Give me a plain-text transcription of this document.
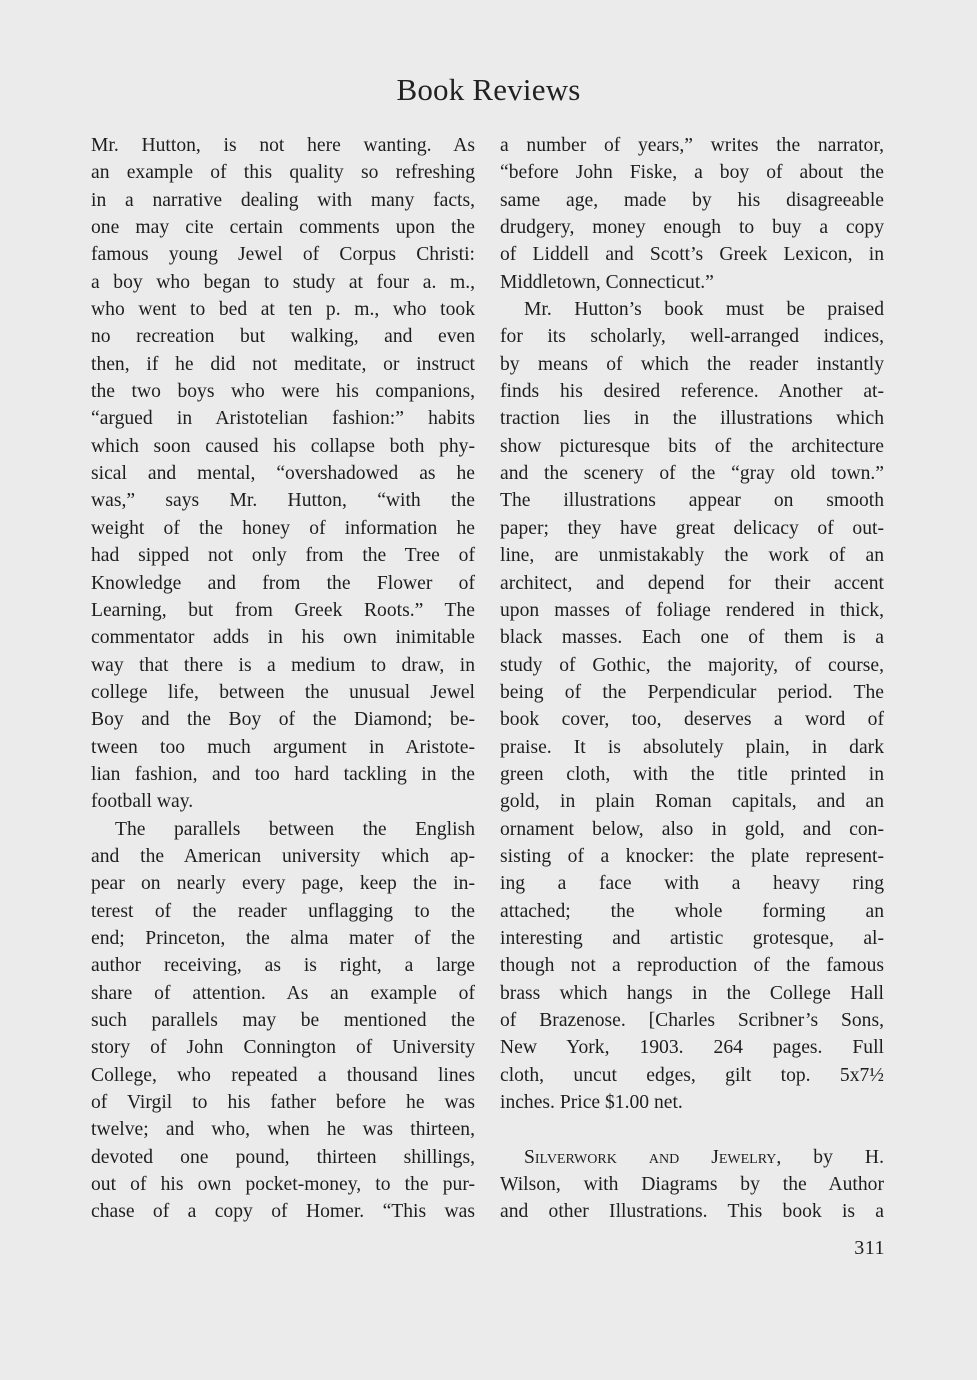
Book Reviews
Mr. Hutton, is not here wanting. As
an example of this quality so refreshing
in a narrative dealing with many facts,
one may cite certain comments upon the
famous young Jewel of Corpus Christi:
a boy who began to study at four a. m.,
who went to bed at ten p. m., who took
no recreation but walking, and even
then, if he did not meditate, or instruct
the two boys who were his companions,
“argued in Aristotelian fashion:” habits
which soon caused his collapse both phy-
sical and mental, “overshadowed as he
was,” says Mr. Hutton, “with the
weight of the honey of information he
had sipped not only from the Tree of
Knowledge and from the Flower of
Learning, but from Greek Roots.” The
commentator adds in his own inimitable
way that there is a medium to draw, in
college life, between the unusual Jewel
Boy and the Boy of the Diamond; be-
tween too much argument in Aristote-
lian fashion, and too hard tackling in the
football way.
The parallels between the English
and the American university which ap-
pear on nearly every page, keep the in-
terest of the reader unflagging to the
end; Princeton, the alma mater of the
author receiving, as is right, a large
share of attention. As an example of
such parallels may be mentioned the
story of John Connington of University
College, who repeated a thousand lines
of Virgil to his father before he was
twelve; and who, when he was thirteen,
devoted one pound, thirteen shillings,
out of his own pocket-money, to the pur-
chase of a copy of Homer. “This was
a number of years,” writes the narrator,
“before John Fiske, a boy of about the
same age, made by his disagreeable
drudgery, money enough to buy a copy
of Liddell and Scott’s Greek Lexicon, in
Middletown, Connecticut.”
Mr. Hutton’s book must be praised
for its scholarly, well-arranged indices,
by means of which the reader instantly
finds his desired reference. Another at-
traction lies in the illustrations which
show picturesque bits of the architecture
and the scenery of the “gray old town.”
The illustrations appear on smooth
paper; they have great delicacy of out-
line, are unmistakably the work of an
architect, and depend for their accent
upon masses of foliage rendered in thick,
black masses. Each one of them is a
study of Gothic, the majority, of course,
being of the Perpendicular period. The
book cover, too, deserves a word of
praise. It is absolutely plain, in dark
green cloth, with the title printed in
gold, in plain Roman capitals, and an
ornament below, also in gold, and con-
sisting of a knocker: the plate represent-
ing a face with a heavy ring
attached; the whole forming an
interesting and artistic grotesque, al-
though not a reproduction of the famous
brass which hangs in the College Hall
of Brazenose. [Charles Scribner’s Sons,
New York, 1903. 264 pages. Full
cloth, uncut edges, gilt top. 5x7½
inches. Price $1.00 net.
Silverwork and Jewelry, by H.
Wilson, with Diagrams by the Author
and other Illustrations. This book is a
311
